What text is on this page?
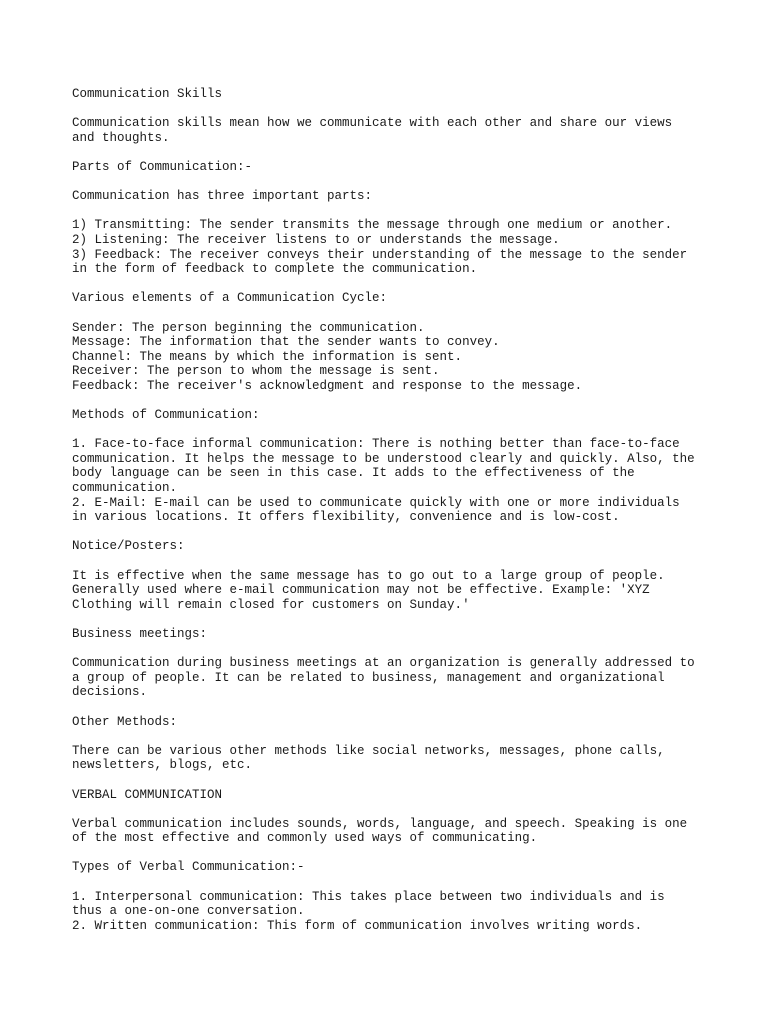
Communication Skills
Communication skills mean how we communicate with each other and share our views
and thoughts.
Parts of Communication:-
Communication has three important parts:
1) Transmitting: The sender transmits the message through one medium or another.
2) Listening: The receiver listens to or understands the message.
3) Feedback: The receiver conveys their understanding of the message to the sender
in the form of feedback to complete the communication.
Various elements of a Communication Cycle:
Sender: The person beginning the communication.
Message: The information that the sender wants to convey.
Channel: The means by which the information is sent.
Receiver: The person to whom the message is sent.
Feedback: The receiver's acknowledgment and response to the message.
Methods of Communication:
1. Face-to-face informal communication: There is nothing better than face-to-face
communication. It helps the message to be understood clearly and quickly. Also, the
body language can be seen in this case. It adds to the effectiveness of the
communication.
2. E-Mail: E-mail can be used to communicate quickly with one or more individuals
in various locations. It offers flexibility, convenience and is low-cost.
Notice/Posters:
It is effective when the same message has to go out to a large group of people.
Generally used where e-mail communication may not be effective. Example: 'XYZ
Clothing will remain closed for customers on Sunday.'
Business meetings:
Communication during business meetings at an organization is generally addressed to
a group of people. It can be related to business, management and organizational
decisions.
Other Methods:
There can be various other methods like social networks, messages, phone calls,
newsletters, blogs, etc.
VERBAL COMMUNICATION
Verbal communication includes sounds, words, language, and speech. Speaking is one
of the most effective and commonly used ways of communicating.
Types of Verbal Communication:-
1. Interpersonal communication: This takes place between two individuals and is
thus a one-on-one conversation.
2. Written communication: This form of communication involves writing words.
